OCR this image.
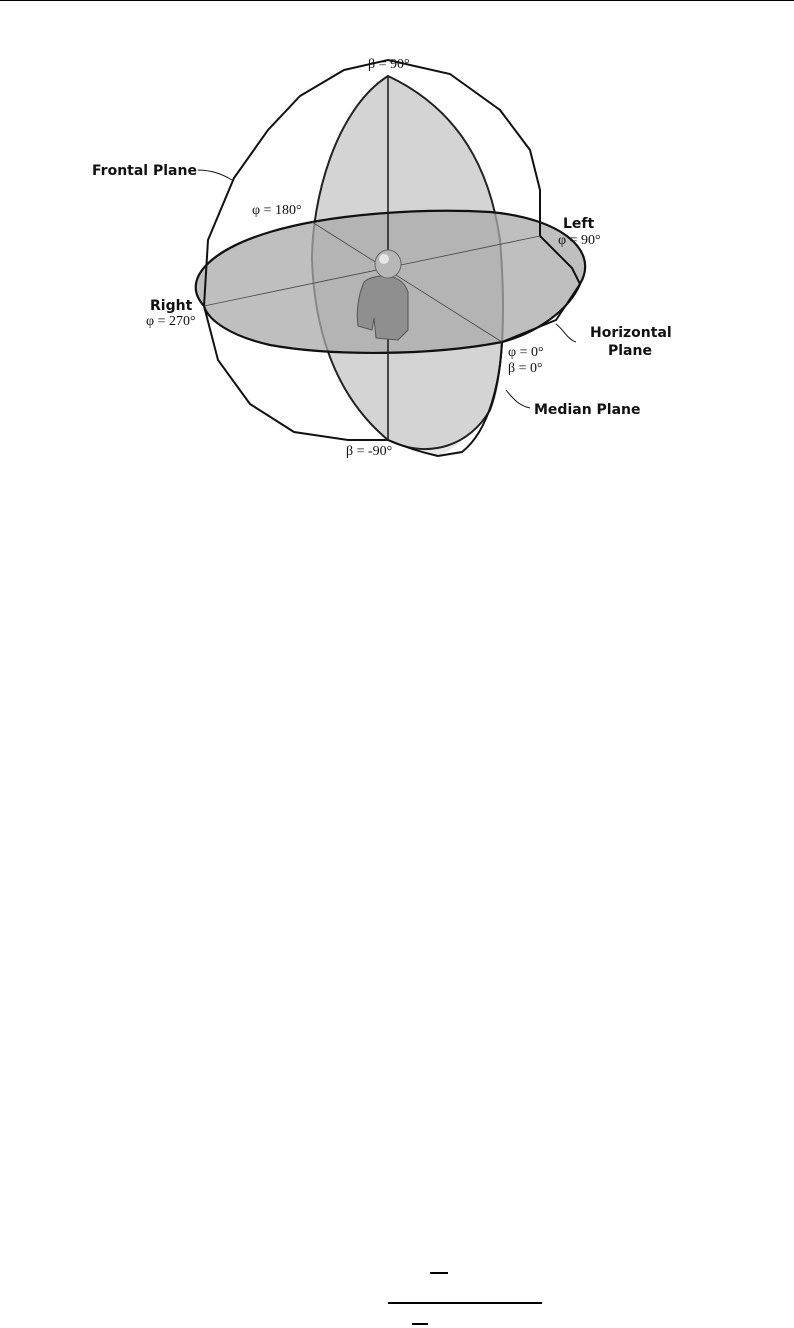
β = 90°
β = -90°
φ = 180°
φ = 90°
φ = 270°
φ = 0°
β = 0°
Left
Right
Frontal Plane
Horizontal
Plane
Median Plane
